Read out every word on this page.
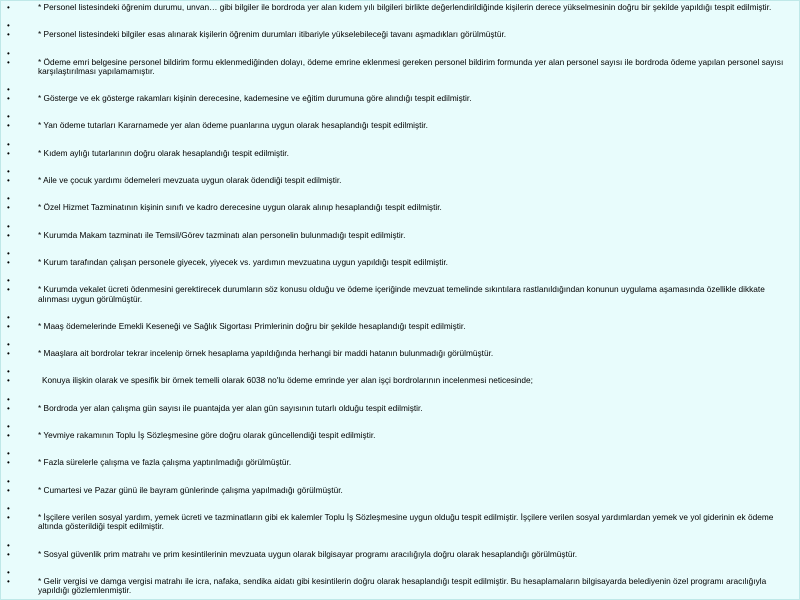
• * Personel listesindeki öğrenim durumu, unvan… gibi bilgiler ile bordroda yer alan kıdem yılı bilgileri birlikte değerlendirildiğinde kişilerin derece yükselmesinin doğru bir şekilde yapıldığı tespit edilmiştir.
•
• * Personel listesindeki bilgiler esas alınarak kişilerin öğrenim durumları itibariyle yükselebileceği tavanı aşmadıkları görülmüştür.
•
• * Ödeme emri belgesine personel bildirim formu eklenmediğinden dolayı, ödeme emrine eklenmesi gereken personel bildirim formunda yer alan personel sayısı ile bordroda ödeme yapılan personel sayısı karşılaştırılması yapılamamıştır.
•
• * Gösterge ve ek gösterge rakamları kişinin derecesine, kademesine ve eğitim durumuna göre alındığı tespit edilmiştir.
•
• * Yan ödeme tutarları Kararnamede yer alan ödeme puanlarına uygun olarak hesaplandığı tespit edilmiştir.
•
• * Kıdem aylığı tutarlarının doğru olarak hesaplandığı tespit edilmiştir.
•
• * Aile ve çocuk yardımı ödemeleri mevzuata uygun olarak ödendiği tespit edilmiştir.
•
• * Özel Hizmet Tazminatının kişinin sınıfı ve kadro derecesine uygun olarak alınıp hesaplandığı tespit edilmiştir.
•
• * Kurumda Makam tazminatı ile Temsil/Görev tazminatı alan personelin bulunmadığı tespit edilmiştir.
•
• * Kurum tarafından çalışan personele giyecek, yiyecek vs. yardımın mevzuatına uygun yapıldığı tespit edilmiştir.
•
• * Kurumda vekalet ücreti ödenmesini gerektirecek durumların söz konusu olduğu ve ödeme içeriğinde mevzuat temelinde sıkıntılara rastlanıldığından konunun uygulama aşamasında özellikle dikkate alınması uygun görülmüştür.
•
• * Maaş ödemelerinde Emekli Keseneği ve Sağlık Sigortası Primlerinin doğru bir şekilde hesaplandığı tespit edilmiştir.
•
• * Maaşlara ait bordrolar tekrar incelenip örnek hesaplama yapıldığında herhangi bir maddi hatanın bulunmadığı görülmüştür.
•
• Konuya ilişkin olarak ve spesifik bir örnek temelli olarak 6038 no'lu ödeme emrinde yer alan işçi bordrolarının incelenmesi neticesinde;
•
• * Bordroda yer alan çalışma gün sayısı ile puantajda yer alan gün sayısının tutarlı olduğu tespit edilmiştir.
•
• * Yevmiye rakamının Toplu İş Sözleşmesine göre doğru olarak güncellendiği tespit edilmiştir.
•
• * Fazla sürelerle çalışma ve fazla çalışma yaptırılmadığı görülmüştür.
•
• * Cumartesi ve Pazar günü ile bayram günlerinde çalışma yapılmadığı görülmüştür.
•
• * İşçilere verilen sosyal yardım, yemek ücreti ve tazminatların gibi ek kalemler Toplu İş Sözleşmesine uygun olduğu tespit edilmiştir. İşçilere verilen sosyal yardımlardan yemek ve yol giderinin ek ödeme altında gösterildiği tespit edilmiştir.
•
• * Sosyal güvenlik prim matrahı ve prim kesintilerinin mevzuata uygun olarak bilgisayar programı aracılığıyla doğru olarak hesaplandığı görülmüştür.
•
• * Gelir vergisi ve damga vergisi matrahı ile icra, nafaka, sendika aidatı gibi kesintilerin doğru olarak hesaplandığı tespit edilmiştir. Bu hesaplamaların bilgisayarda belediyenin özel programı aracılığıyla yapıldığı gözlemlenmiştir.
